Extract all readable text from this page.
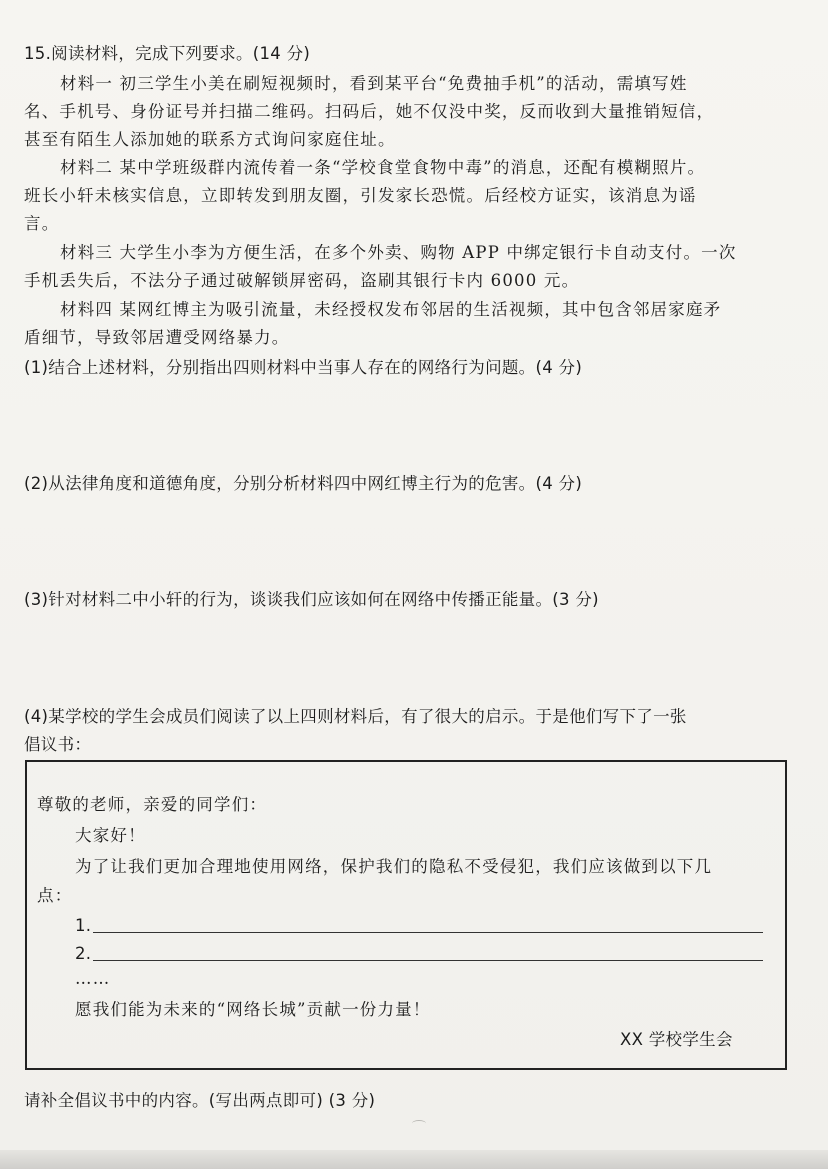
15.阅读材料，完成下列要求。(14 分)
材料一 初三学生小美在刷短视频时，看到某平台“免费抽手机”的活动，需填写姓
名、手机号、身份证号并扫描二维码。扫码后，她不仅没中奖，反而收到大量推销短信，
甚至有陌生人添加她的联系方式询问家庭住址。
材料二 某中学班级群内流传着一条“学校食堂食物中毒”的消息，还配有模糊照片。
班长小轩未核实信息，立即转发到朋友圈，引发家长恐慌。后经校方证实，该消息为谣
言。
材料三 大学生小李为方便生活，在多个外卖、购物 APP 中绑定银行卡自动支付。一次
手机丢失后，不法分子通过破解锁屏密码，盗刷其银行卡内 6000 元。
材料四 某网红博主为吸引流量，未经授权发布邻居的生活视频，其中包含邻居家庭矛
盾细节，导致邻居遭受网络暴力。
(1)结合上述材料，分别指出四则材料中当事人存在的网络行为问题。(4 分)
(2)从法律角度和道德角度，分别分析材料四中网红博主行为的危害。(4 分)
(3)针对材料二中小轩的行为，谈谈我们应该如何在网络中传播正能量。(3 分)
(4)某学校的学生会成员们阅读了以上四则材料后，有了很大的启示。于是他们写下了一张
倡议书：
尊敬的老师，亲爱的同学们：
大家好！
为了让我们更加合理地使用网络，保护我们的隐私不受侵犯，我们应该做到以下几
点：
1.
2.
……
愿我们能为未来的“网络长城”贡献一份力量！
XX 学校学生会
请补全倡议书中的内容。(写出两点即可) (3 分)
